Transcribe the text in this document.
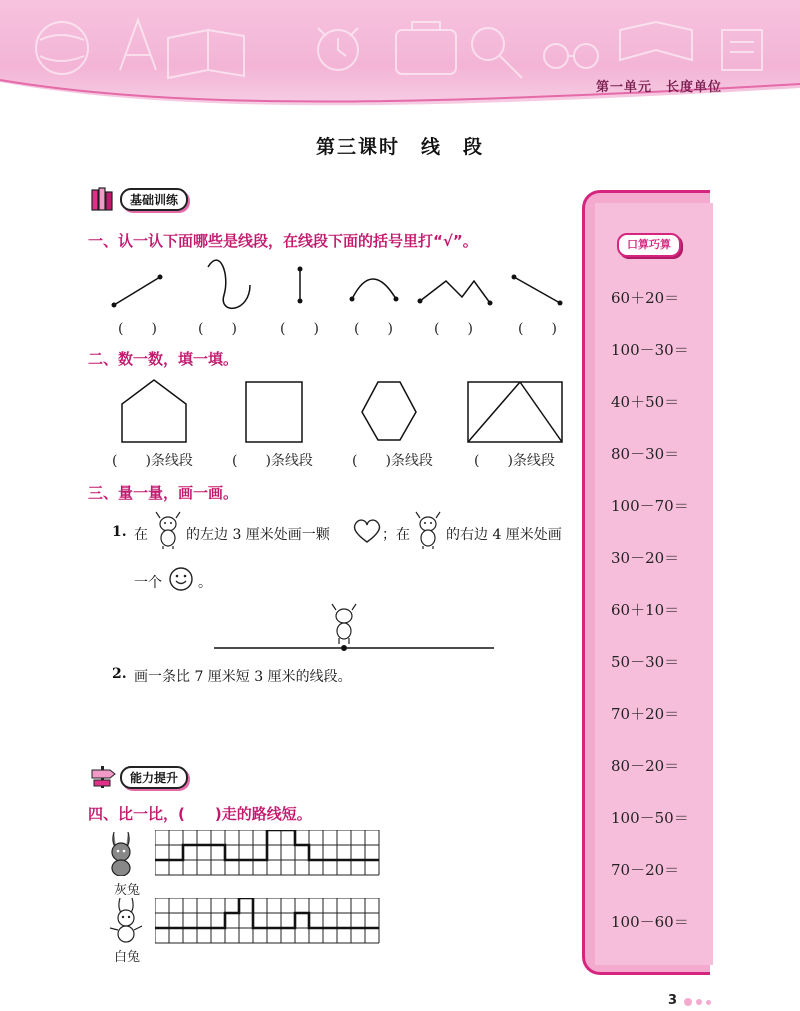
第一单元　长度单位
第三课时　线　段
基础训练
一、认一认下面哪些是线段，在线段下面的括号里打“√”。
(　　)	(　　)	(　　)	(　　)	(　　)	(　　)
二、数一数，填一填。
(　　)条线段	(　　)条线段	(　　)条线段	(　　)条线段
三、量一量，画一画。
1. 在	的左边 3 厘米处画一颗	；在	的右边 4 厘米处画
一个	。
2. 画一条比 7 厘米短 3 厘米的线段。
能力提升
四、比一比，(　　)走的路线短。
灰兔
白兔
口算巧算
60＋20＝
100－30＝
40＋50＝
80－30＝
100－70＝
30－20＝
60＋10＝
50－30＝
70＋20＝
80－20＝
100－50＝
70－20＝
100－60＝
3
